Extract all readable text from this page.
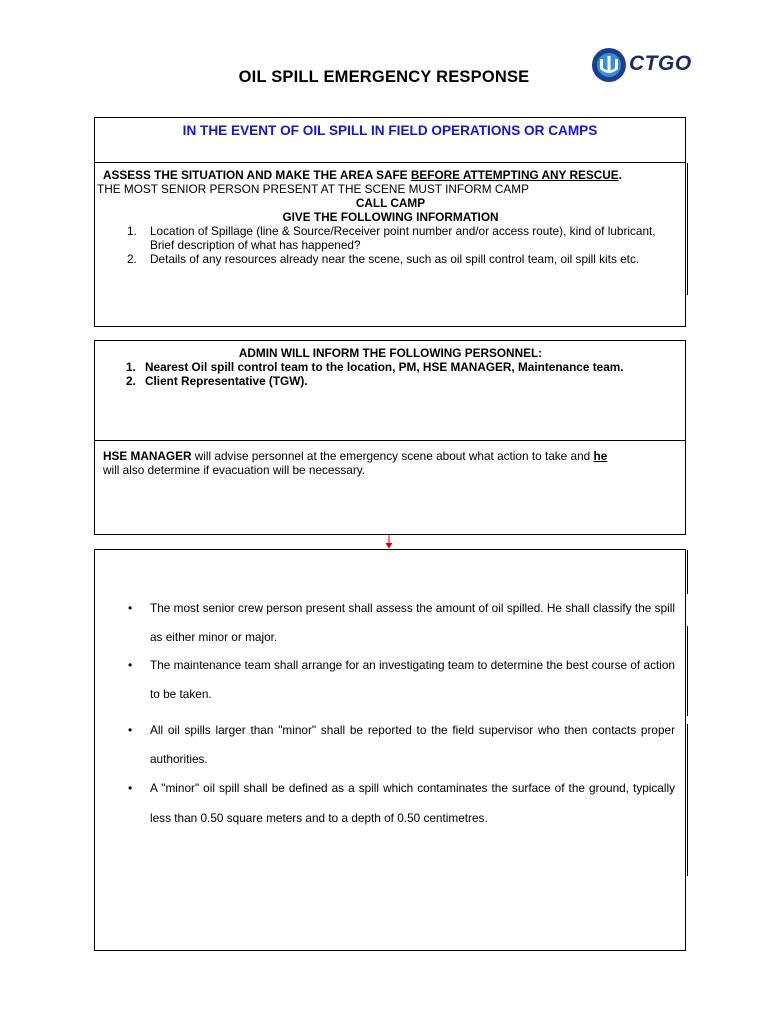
OIL SPILL EMERGENCY RESPONSE
CTGO
IN THE EVENT OF OIL SPILL IN FIELD OPERATIONS OR CAMPS
ASSESS THE SITUATION AND MAKE THE AREA SAFE BEFORE ATTEMPTING ANY RESCUE.
THE MOST SENIOR PERSON PRESENT AT THE SCENE MUST INFORM CAMP
CALL CAMP
GIVE THE FOLLOWING INFORMATION
1. Location of Spillage (line & Source/Receiver point number and/or access route), kind of lubricant, Brief description of what has happened?
2. Details of any resources already near the scene, such as oil spill control team, oil spill kits etc.
ADMIN WILL INFORM THE FOLLOWING PERSONNEL:
1. Nearest Oil spill control team to the location, PM, HSE MANAGER, Maintenance team.
2. Client Representative (TGW).
HSE MANAGER will advise personnel at the emergency scene about what action to take and he
will also determine if evacuation will be necessary.
• The most senior crew person present shall assess the amount of oil spilled. He shall classify the spill as either minor or major.
• The maintenance team shall arrange for an investigating team to determine the best course of action to be taken.
• All oil spills larger than "minor" shall be reported to the field supervisor who then contacts proper authorities.
• A "minor" oil spill shall be defined as a spill which contaminates the surface of the ground, typically less than 0.50 square meters and to a depth of 0.50 centimetres.
